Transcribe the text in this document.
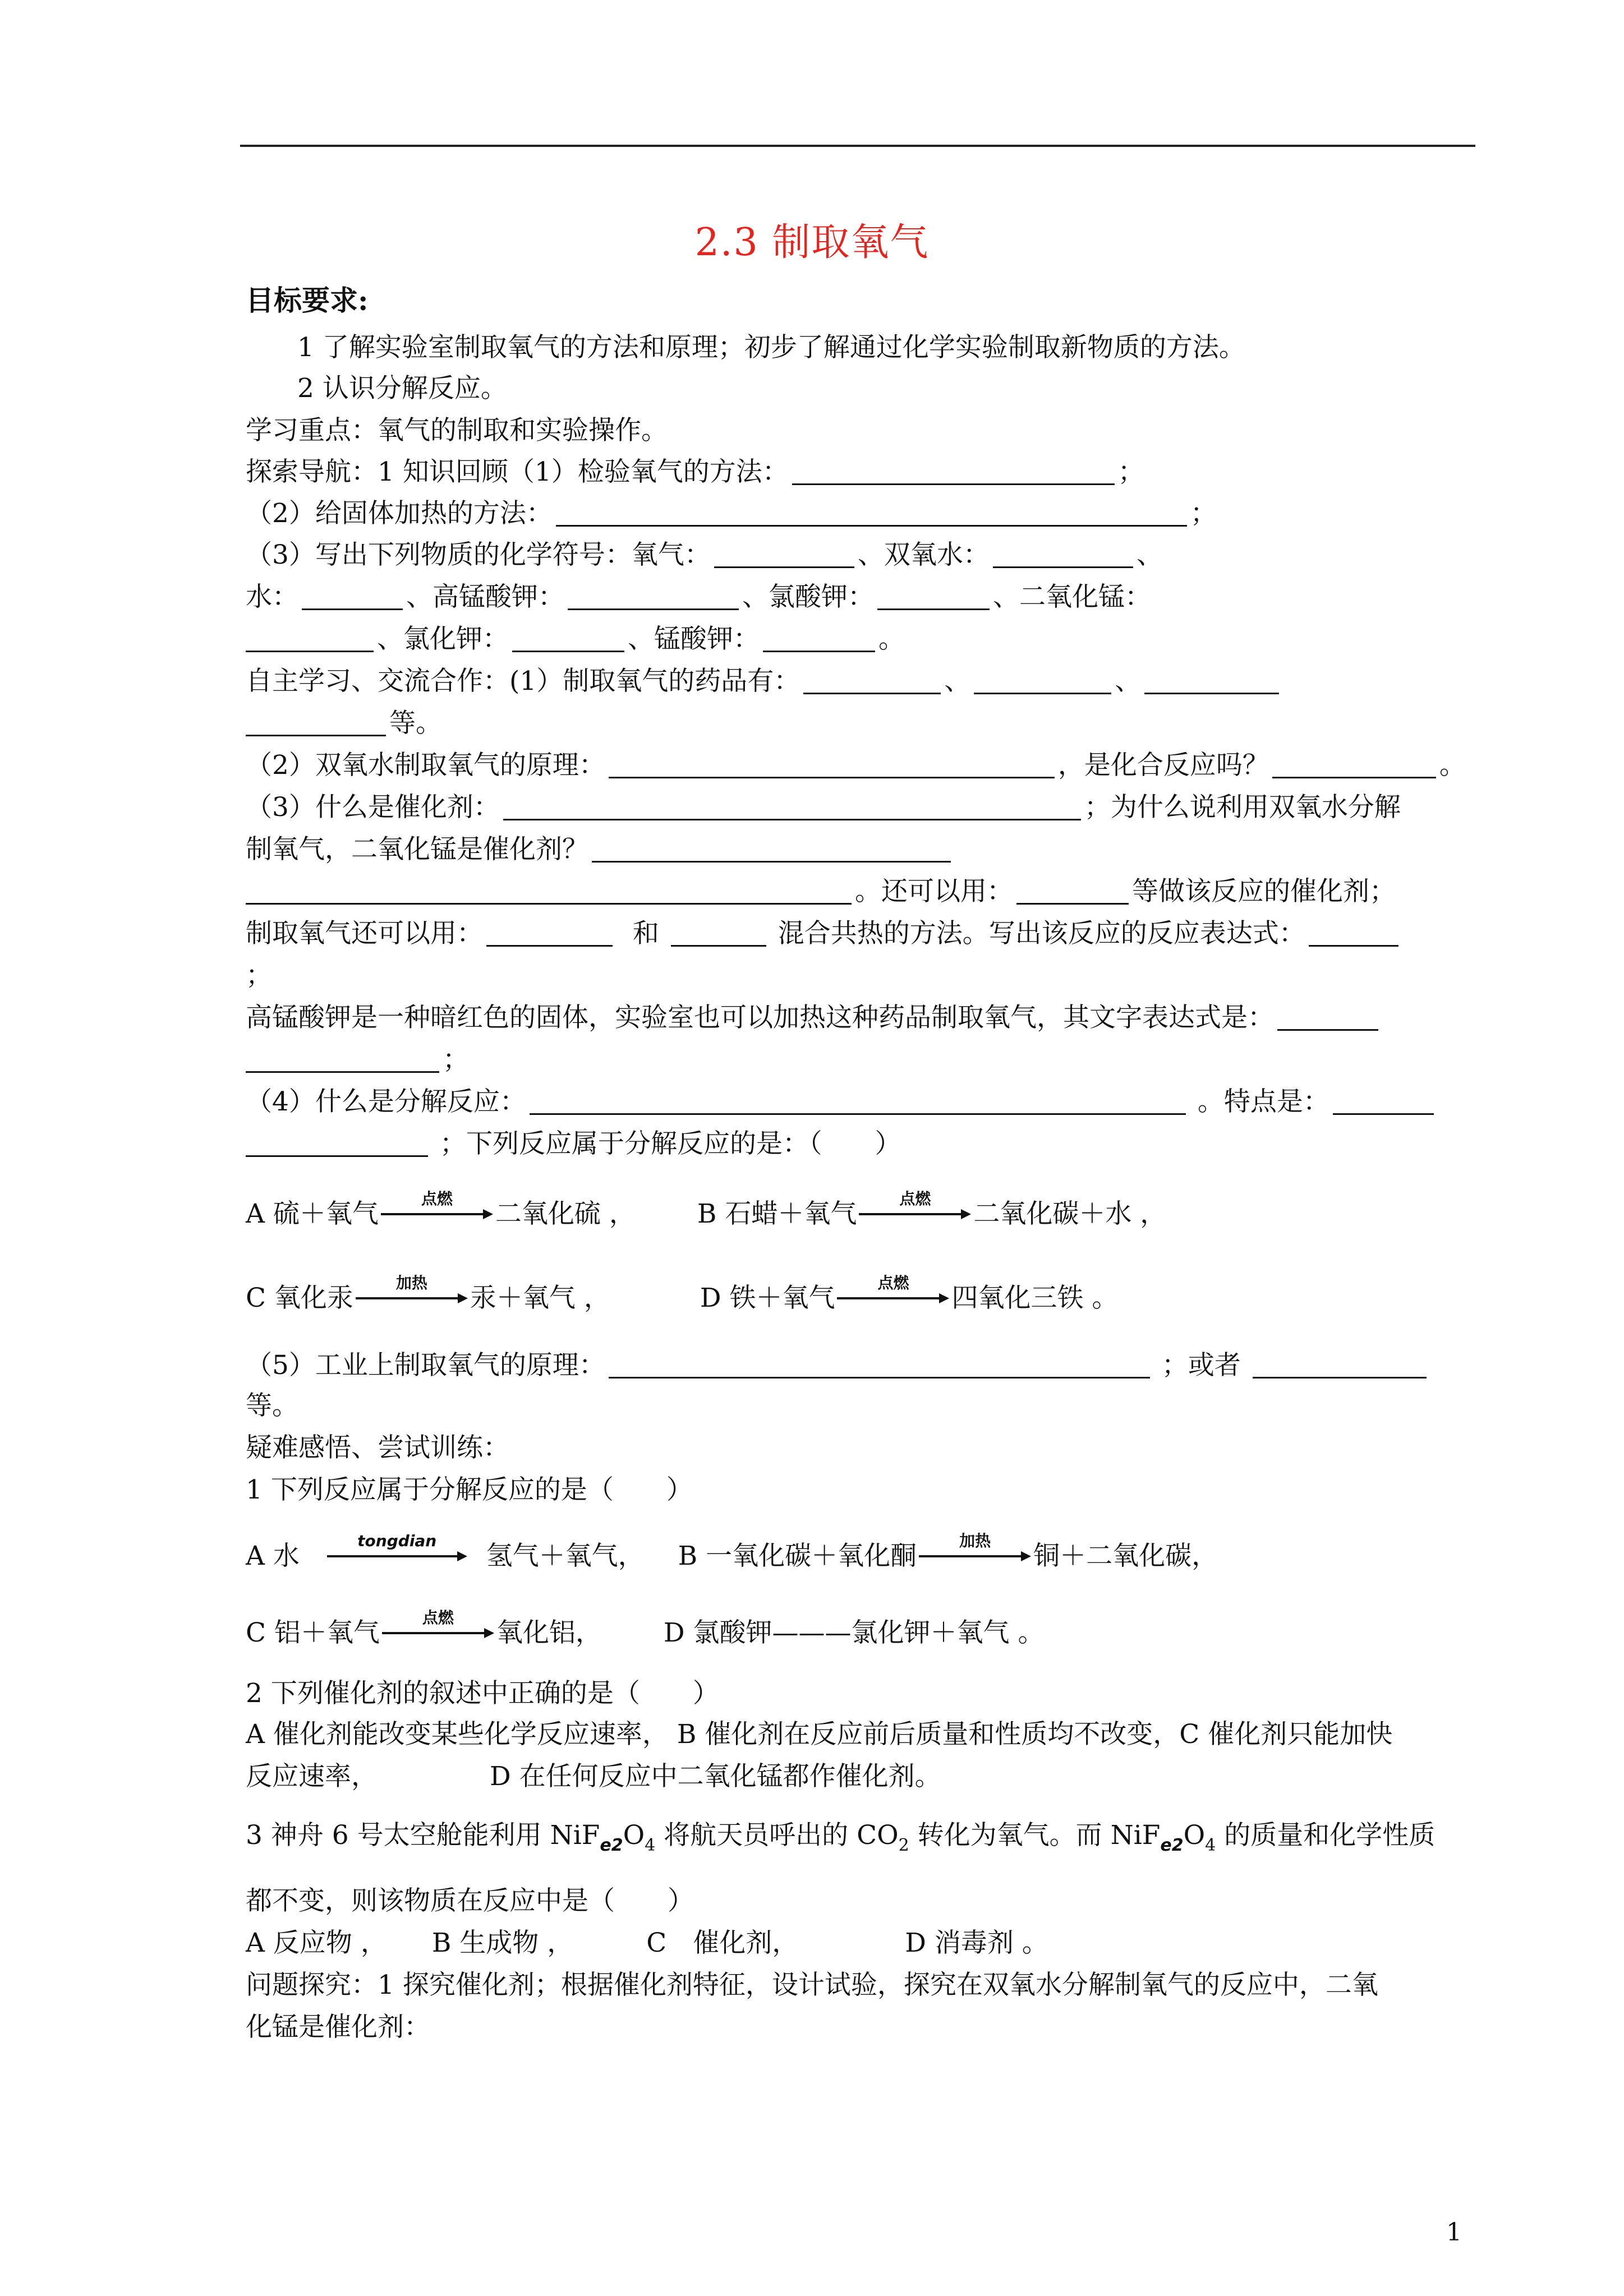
2.3 制取氧气
目标要求:
1 了解实验室制取氧气的方法和原理；初步了解通过化学实验制取新物质的方法。
2 认识分解反应。
学习重点：氧气的制取和实验操作。
探索导航：1 知识回顾（1）检验氧气的方法：	；
（2）给固体加热的方法：	；
（3）写出下列物质的化学符号：氧气：	、双氧水：	、
水：	、高锰酸钾：	、氯酸钾：	、二氧化锰：
、氯化钾：	、锰酸钾：	。
自主学习、交流合作：(1）制取氧气的药品有：	、	、
等。
（2）双氧水制取氧气的原理：	，是化合反应吗？	。
（3）什么是催化剂：	；为什么说利用双氧水分解
制氧气，二氧化锰是催化剂？
。还可以用：	等做该反应的催化剂；
制取氧气还可以用：	和	混合共热的方法。写出该反应的反应表达式：
；
高锰酸钾是一种暗红色的固体，实验室也可以加热这种药品制取氧气，其文字表达式是：
；
（4）什么是分解反应：	。特点是：
；下列反应属于分解反应的是：（　　）
A 硫＋氧气	点燃	二氧化硫 ， B 石蜡＋氧气	点燃	二氧化碳＋水 ，
C 氧化汞	加热	汞＋氧气 ，	D 铁＋氧气	点燃	四氧化三铁 。
（5）工业上制取氧气的原理：	；或者
等。
疑难感悟、尝试训练：
1 下列反应属于分解反应的是（　　）
A 水	tongdian	氢气＋氧气， B 一氧化碳＋氧化酮	加热	铜＋二氧化碳，
C 铝＋氧气	点燃	氧化铝， D 氯酸钾———氯化钾＋氧气 。
2 下列催化剂的叙述中正确的是（　　）
A 催化剂能改变某些化学反应速率， B 催化剂在反应前后质量和性质均不改变，C 催化剂只能加快
反应速率，	D 在任何反应中二氧化锰都作催化剂。
3 神舟 6 号太空舱能利用 $NiF_{e2}O_4$ 将航天员呼出的 $CO_2$ 转化为氧气。而 $NiF_{e2}O_4$ 的质量和化学性质
都不变，则该物质在反应中是（　　）
A 反应物 ， B 生成物 ，	C　催化剂，	D 消毒剂 。
问题探究：1 探究催化剂；根据催化剂特征，设计试验，探究在双氧水分解制氧气的反应中，二氧
化锰是催化剂：
1
